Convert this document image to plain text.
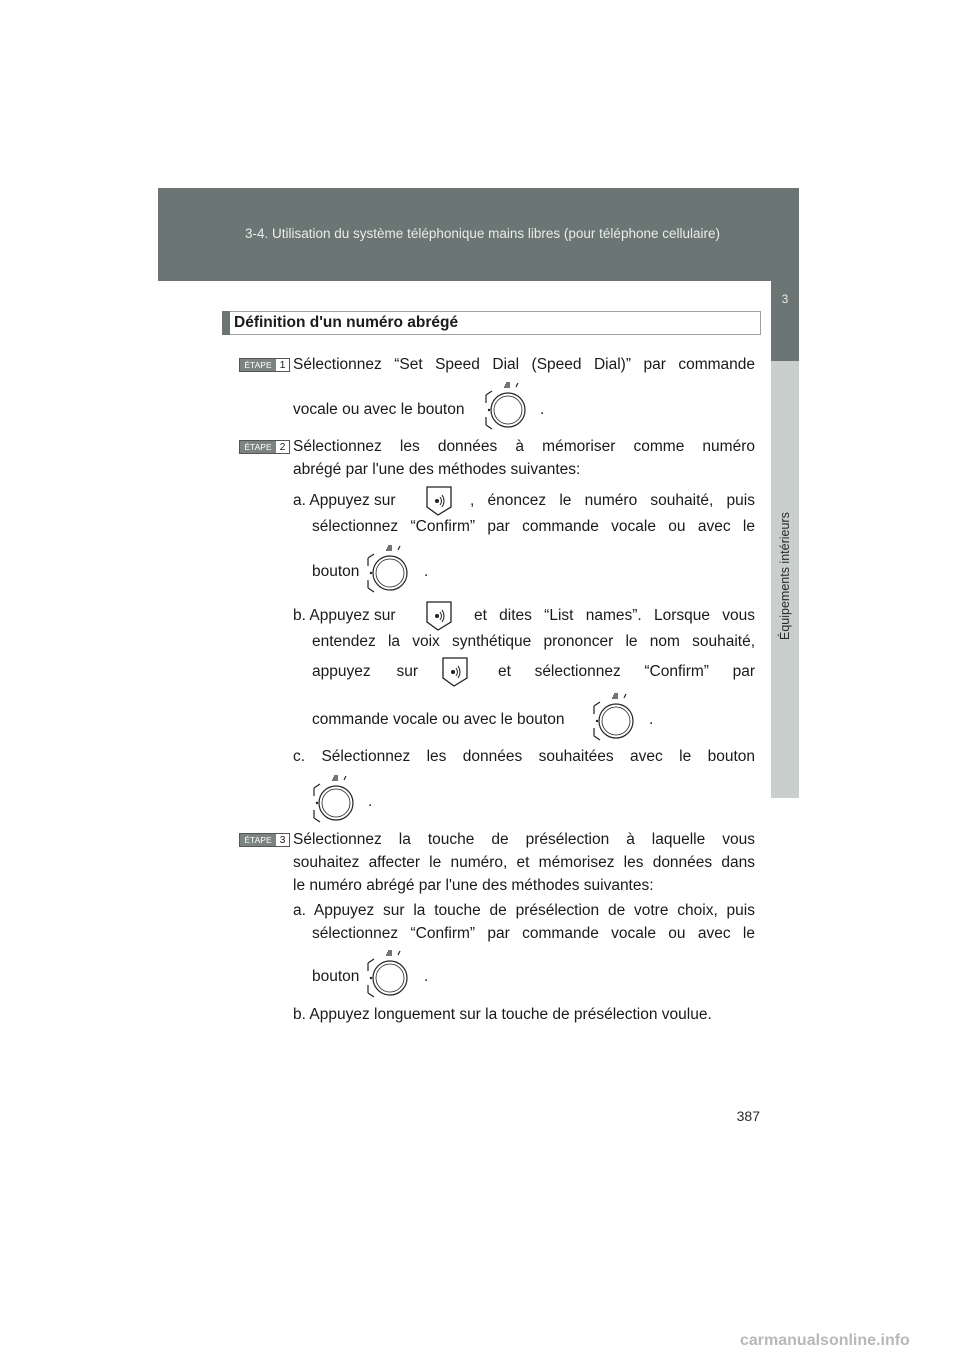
3-4. Utilisation du système téléphonique mains libres (pour téléphone cellulaire)
3
Équipements intérieurs
Définition d'un numéro abrégé
ÉTAPE 1 Sélectionnez “Set Speed Dial (Speed Dial)” par commande
vocale ou avec le bouton	.
ÉTAPE 2 Sélectionnez les données à mémoriser comme numéro
abrégé par l'une des méthodes suivantes:
a. Appuyez sur	, énoncez le numéro souhaité, puis
sélectionnez “Confirm” par commande vocale ou avec le
bouton	.
b. Appuyez sur	et dites “List names”. Lorsque vous
entendez la voix synthétique prononcer le nom souhaité,
appuyez sur	et sélectionnez “Confirm” par
commande vocale ou avec le bouton	.
c. Sélectionnez les données souhaitées avec le bouton
.
ÉTAPE 3 Sélectionnez la touche de présélection à laquelle vous
souhaitez affecter le numéro, et mémorisez les données dans
le numéro abrégé par l'une des méthodes suivantes:
a. Appuyez sur la touche de présélection de votre choix, puis
sélectionnez “Confirm” par commande vocale ou avec le
bouton	.
b. Appuyez longuement sur la touche de présélection voulue.
387
carmanualsonline.info
